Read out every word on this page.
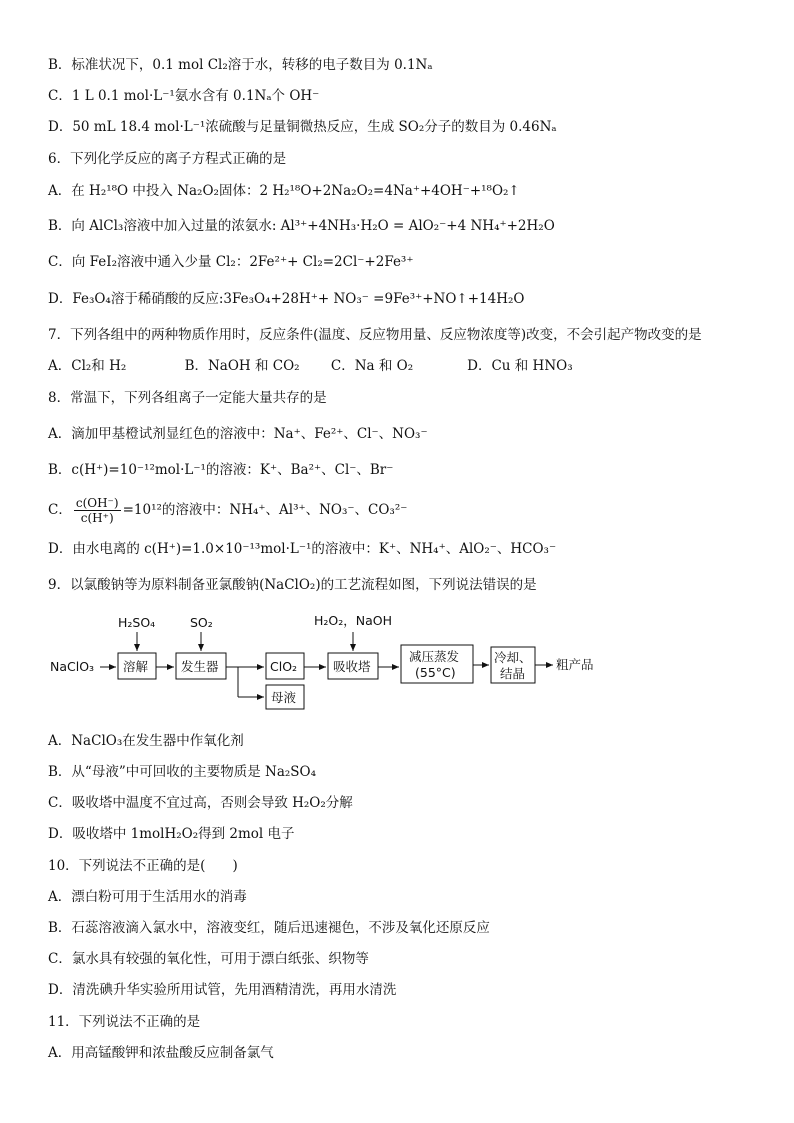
B．标准状况下，0.1 mol Cl₂溶于水，转移的电子数目为 0.1Nₐ
C．1 L 0.1 mol·L⁻¹氨水含有 0.1Nₐ个 OH⁻
D．50 mL 18.4 mol·L⁻¹浓硫酸与足量铜微热反应，生成 SO₂分子的数目为 0.46Nₐ
6．下列化学反应的离子方程式正确的是
A．在 H₂¹⁸O 中投入 Na₂O₂固体：2 H₂¹⁸O+2Na₂O₂=4Na⁺+4OH⁻+¹⁸O₂↑
B．向 AlCl₃溶液中加入过量的浓氨水: Al³⁺+4NH₃·H₂O = AlO₂⁻+4 NH₄⁺+2H₂O
C．向 FeI₂溶液中通入少量 Cl₂：2Fe²⁺+ Cl₂=2Cl⁻+2Fe³⁺
D．Fe₃O₄溶于稀硝酸的反应:3Fe₃O₄+28H⁺+ NO₃⁻ =9Fe³⁺+NO↑+14H₂O
7．下列各组中的两种物质作用时，反应条件(温度、反应物用量、反应物浓度等)改变，不会引起产物改变的是
A．Cl₂和 H₂　　　　 B．NaOH 和 CO₂　　 C．Na 和 O₂　　　　D．Cu 和 HNO₃
8．常温下，下列各组离子一定能大量共存的是
A．滴加甲基橙试剂显红色的溶液中：Na⁺、Fe²⁺、Cl⁻、NO₃⁻
B．c(H⁺)=10⁻¹²mol·L⁻¹的溶液：K⁺、Ba²⁺、Cl⁻、Br⁻
C． $\frac{c(OH^-)}{c(H^+)} =10^{12}$的溶液中：NH₄⁺、Al³⁺、NO₃⁻、CO₃²⁻
D．由水电离的 c(H⁺)=1.0×10⁻¹³mol·L⁻¹的溶液中：K⁺、NH₄⁺、AlO₂⁻、HCO₃⁻
9．以氯酸钠等为原料制备亚氯酸钠(NaClO₂)的工艺流程如图，下列说法错误的是
NaClO₃ 溶解
H₂SO₄
发生器
SO₂
母液
ClO₂	吸收塔
H₂O₂，NaOH
减压蒸发
(55°C)
冷却、
结晶
粗产品
A．NaClO₃在发生器中作氧化剂
B．从“母液”中可回收的主要物质是 Na₂SO₄
C．吸收塔中温度不宜过高，否则会导致 H₂O₂分解
D．吸收塔中 1molH₂O₂得到 2mol 电子
10．下列说法不正确的是(　　)
A．漂白粉可用于生活用水的消毒
B．石蕊溶液滴入氯水中，溶液变红，随后迅速褪色，不涉及氧化还原反应
C．氯水具有较强的氧化性，可用于漂白纸张、织物等
D．清洗碘升华实验所用试管，先用酒精清洗，再用水清洗
11．下列说法不正确的是
A．用高锰酸钾和浓盐酸反应制备氯气
